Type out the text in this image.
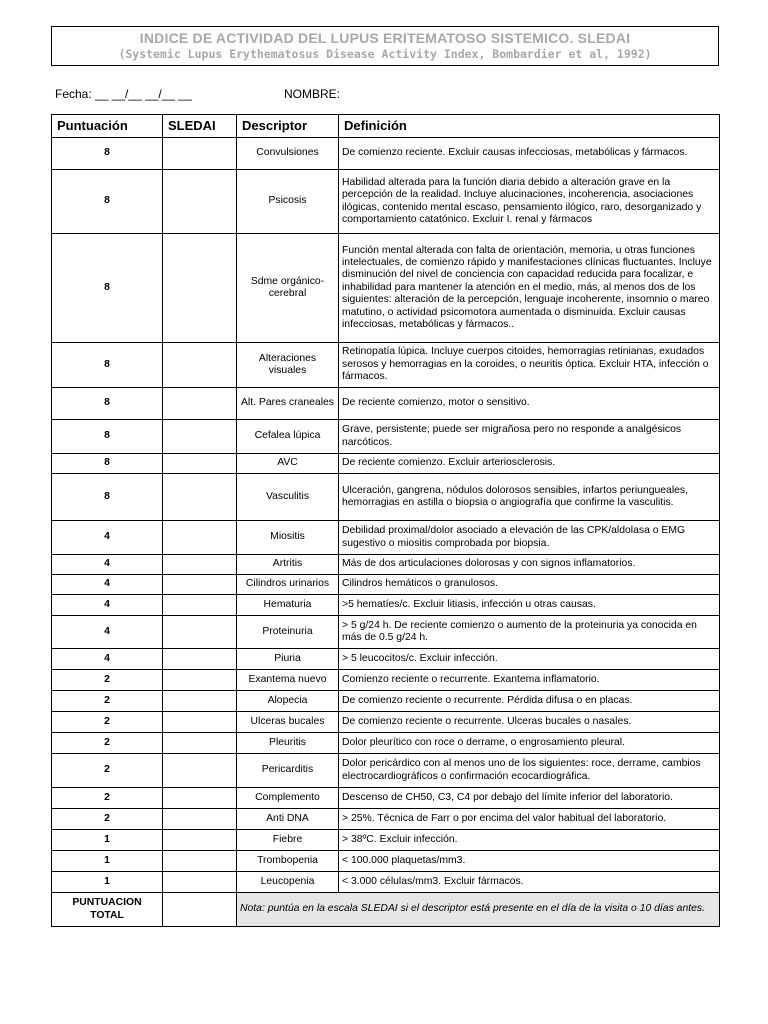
INDICE DE ACTIVIDAD DEL LUPUS ERITEMATOSO SISTEMICO. SLEDAI
(Systemic Lupus Erythematosus Disease Activity Index, Bombardier et al, 1992)
Fecha: __ __/__ __/__ __	NOMBRE:
Puntuación	SLEDAI	Descriptor	Definición
8		Convulsiones	De comienzo reciente. Excluir causas infecciosas, metabólicas y fármacos.
8		Psicosis	Habilidad alterada para la función diaria debido a alteración grave en la percepción de la realidad. Incluye alucinaciones, incoherencia, asociaciones ilógicas, contenido mental escaso, pensamiento ilógico, raro, desorganizado y comportamiento catatónico. Excluir I. renal y fármacos
8		Sdme orgánico-cerebral	Función mental alterada con falta de orientación, memoria, u otras funciones intelectuales, de comienzo rápido y manifestaciones clínicas fluctuantes. Incluye disminución del nivel de conciencia con capacidad reducida para focalizar, e inhabilidad para mantener la atención en el medio, más, al menos dos de los siguientes: alteración de la percepción, lenguaje incoherente, insomnio o mareo matutino, o actividad psicomotora aumentada o disminuida. Excluir causas infecciosas, metabólicas y fármacos..
8		Alteraciones visuales	Retinopatía lúpica. Incluye cuerpos citoides, hemorragias retinianas, exudados serosos y hemorragias en la coroides, o neuritis óptica. Excluir HTA, infección o fármacos.
8		Alt. Pares craneales	De reciente comienzo, motor o sensitivo.
8		Cefalea lúpica	Grave, persistente; puede ser migrañosa pero no responde a analgésicos narcóticos.
8		AVC	De reciente comienzo. Excluir arteriosclerosis.
8		Vasculitis	Ulceración, gangrena, nódulos dolorosos sensibles, infartos periungueales, hemorragias en astilla o biopsia o angiografía que confirme la vasculitis.
4		Miositis	Debilidad proximal/dolor asociado a elevación de las CPK/aldolasa o EMG sugestivo o miositis comprobada por biopsia.
4		Artritis	Más de dos articulaciones dolorosas y con signos inflamatorios.
4		Cilindros urinarios	Cilindros hemáticos o granulosos.
4		Hematuria	>5 hematíes/c. Excluir litiasis, infección u otras causas.
4		Proteinuria	> 5 g/24 h. De reciente comienzo o aumento de la proteinuria ya conocida en más de 0.5 g/24 h.
4		Piuria	> 5 leucocitos/c. Excluir infección.
2		Exantema nuevo	Comienzo reciente o recurrente. Exantema inflamatorio.
2		Alopecia	De comienzo reciente o recurrente. Pérdida difusa o en placas.
2		Ulceras bucales	De comienzo reciente o recurrente. Ulceras bucales o nasales.
2		Pleuritis	Dolor pleurítico con roce o derrame, o engrosamiento pleural.
2		Pericarditis	Dolor pericárdico con al menos uno de los siguientes: roce, derrame, cambios electrocardiográficos o confirmación ecocardiográfica.
2		Complemento	Descenso de CH50, C3, C4 por debajo del límite inferior del laboratorio.
2		Anti DNA	> 25%. Técnica de Farr o por encima del valor habitual del laboratorio.
1		Fiebre	> 38ºC. Excluir infección.
1		Trombopenia	< 100.000 plaquetas/mm3.
1		Leucopenia	< 3.000 células/mm3. Excluir fármacos.
PUNTUACION TOTAL		Nota: puntúa en la escala SLEDAI si el descriptor está presente en el día de la visita o 10 días antes.	
